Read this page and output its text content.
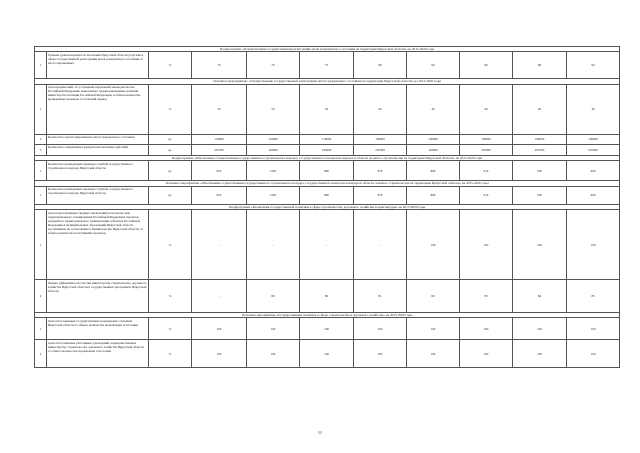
Подпрограмма «Осуществление государственной регистрации актов гражданского состояния на территории Иркутской области» на 2015-2020 годы										
1	Уровень удовлетворенности населения Иркутской области услугами в сфере государственной регистрации актов гражданского состояния от числа опрошенных	%	70	70	75	80	90	90	90	90
Основное мероприятие: «Осуществление государственной регистрации актов гражданского состояния на территории Иркутской области» на 2015-2020 годы										
1	Доля предписаний, об устранении нарушений законодательства Российской Федерации, вынесенных территориальными органами министерства юстиции Российской Федерации, в общем количестве проведенных проверок за отчетный период	%	50	50	50	40	40	40	40	40
2	Количество зарегистрированных актов гражданского состояния	ед.	119966	116000	116000	109000	102000	109000	109000	109000
3	Количество совершенных юридически значимых действий	ед.	207782	193000	193000	207000	193000	207000	207000	207000
Подпрограмма «Обеспечение осуществления государственного строительного надзора, государственного контроля и надзора в области долевого строительства на территории Иркутской области» на 2015-2020 годы										
1	Количество проведенных проверок службой государственного строительного надзора Иркутской области	ед.	922	1202	860	870	890	910	930	960
Основное мероприятие «Обеспечение осуществления государственного строительного надзора, государственного контроля и надзора в области долевого строительства на территории Иркутской области» на 2015-2020 годы										
1	Количество проведенных проверок службой государственного строительного надзора Иркутской области	ед.	922	1202	860	870	890	910	930	960
Подпрограмма «Реализация государственной политики в сфере строительства, дорожного хозяйства и архитектуры» на 2015-2020 годы										
1	Доля подготовленных сводных заключений на проекты схем территориального планирования Российской Федерации, проектов документов территориального планирования субъектов Российской Федерации и муниципальных образований Иркутской области, поступившие на согласование в Правительство Иркутской области, от общего количества поступивших проектов	%	-	-	-	-	100	100	100	100
2	Оценка эффективности участия министерства строительства, дорожного хозяйства Иркутской области в государственных программах Иркутской области	%	-	80	80	81	82	83	84	85
Основное мероприятие «Государственная политика в сфере строительства и дорожного хозяйства» на 2015-2020 годы										
1	Доля аттестованных государственных гражданских служащих Иркутской области от общего количества подлежащих аттестации	%	100	100	100	100	100	100	100	100
2	Доля аттестованных работников учреждений, подведомственных министерству строительства, дорожного хозяйства Иркутской области от общего количества подлежащих аттестации	%	100	100	100	100	100	100	100	100
11
